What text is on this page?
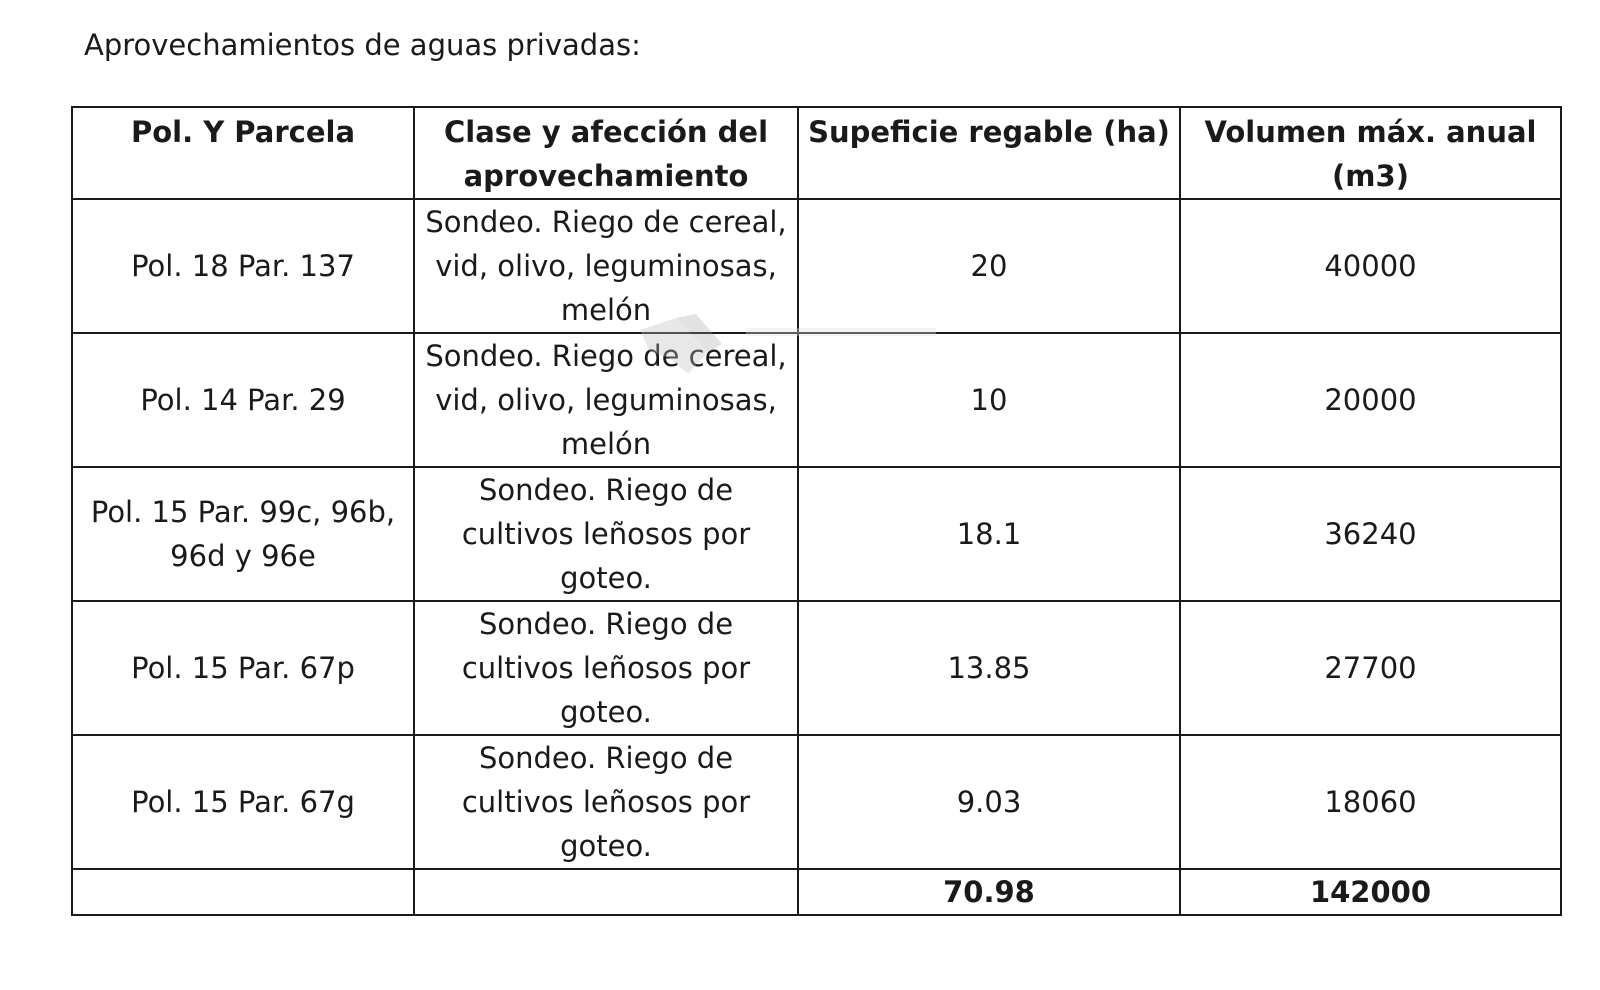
Aprovechamientos de aguas privadas:
Pol. Y Parcela	Clase y afección del aprovechamiento	Supeficie regable (ha)	Volumen máx. anual (m3)
Pol. 18 Par. 137	Sondeo. Riego de cereal, vid, olivo, leguminosas, melón	20	40000
Pol. 14 Par. 29	Sondeo. Riego de cereal, vid, olivo, leguminosas, melón	10	20000
Pol. 15 Par. 99c, 96b, 96d y 96e	Sondeo. Riego de cultivos leñosos por goteo.	18.1	36240
Pol. 15 Par. 67p	Sondeo. Riego de cultivos leñosos por goteo.	13.85	27700
Pol. 15 Par. 67g	Sondeo. Riego de cultivos leñosos por goteo.	9.03	18060
		70.98	142000
